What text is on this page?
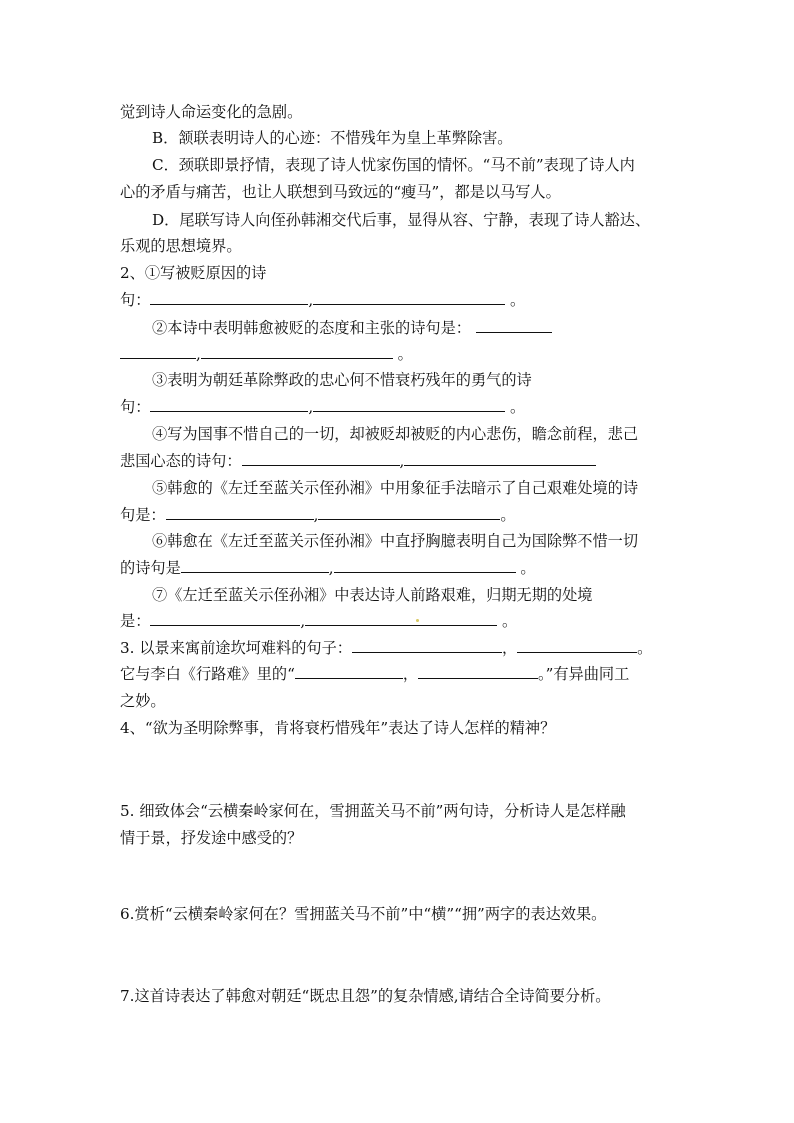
觉到诗人命运变化的急剧。
B．颔联表明诗人的心迹：不惜残年为皇上革弊除害。
C．颈联即景抒情，表现了诗人忧家伤国的情怀。“马不前”表现了诗人内
心的矛盾与痛苦，也让人联想到马致远的“瘦马”，都是以马写人。
D．尾联写诗人向侄孙韩湘交代后事，显得从容、宁静，表现了诗人豁达、
乐观的思想境界。
2、①写被贬原因的诗
句：	,	。
②本诗中表明韩愈被贬的态度和主张的诗句是：
,	。
③表明为朝廷革除弊政的忠心何不惜衰朽残年的勇气的诗
句：	,	。
④写为国事不惜自己的一切，却被贬却被贬的内心悲伤，瞻念前程，悲己
悲国心态的诗句：	,
⑤韩愈的《左迁至蓝关示侄孙湘》中用象征手法暗示了自己艰难处境的诗
句是：	,	。
⑥韩愈在《左迁至蓝关示侄孙湘》中直抒胸臆表明自己为国除弊不惜一切
的诗句是	,	。
⑦《左迁至蓝关示侄孙湘》中表达诗人前路艰难，归期无期的处境
是：	,	。
3. 以景来寓前途坎坷难料的句子：	，	。
它与李白《行路难》里的“	，	。”有异曲同工
之妙。
4、“欲为圣明除弊事，肯将衰朽惜残年”表达了诗人怎样的精神？
5. 细致体会“云横秦岭家何在，雪拥蓝关马不前”两句诗，分析诗人是怎样融
情于景，抒发途中感受的？
6.赏析“云横秦岭家何在？雪拥蓝关马不前”中“横”“拥”两字的表达效果。
7.这首诗表达了韩愈对朝廷“既忠且怨”的复杂情感,请结合全诗简要分析。
